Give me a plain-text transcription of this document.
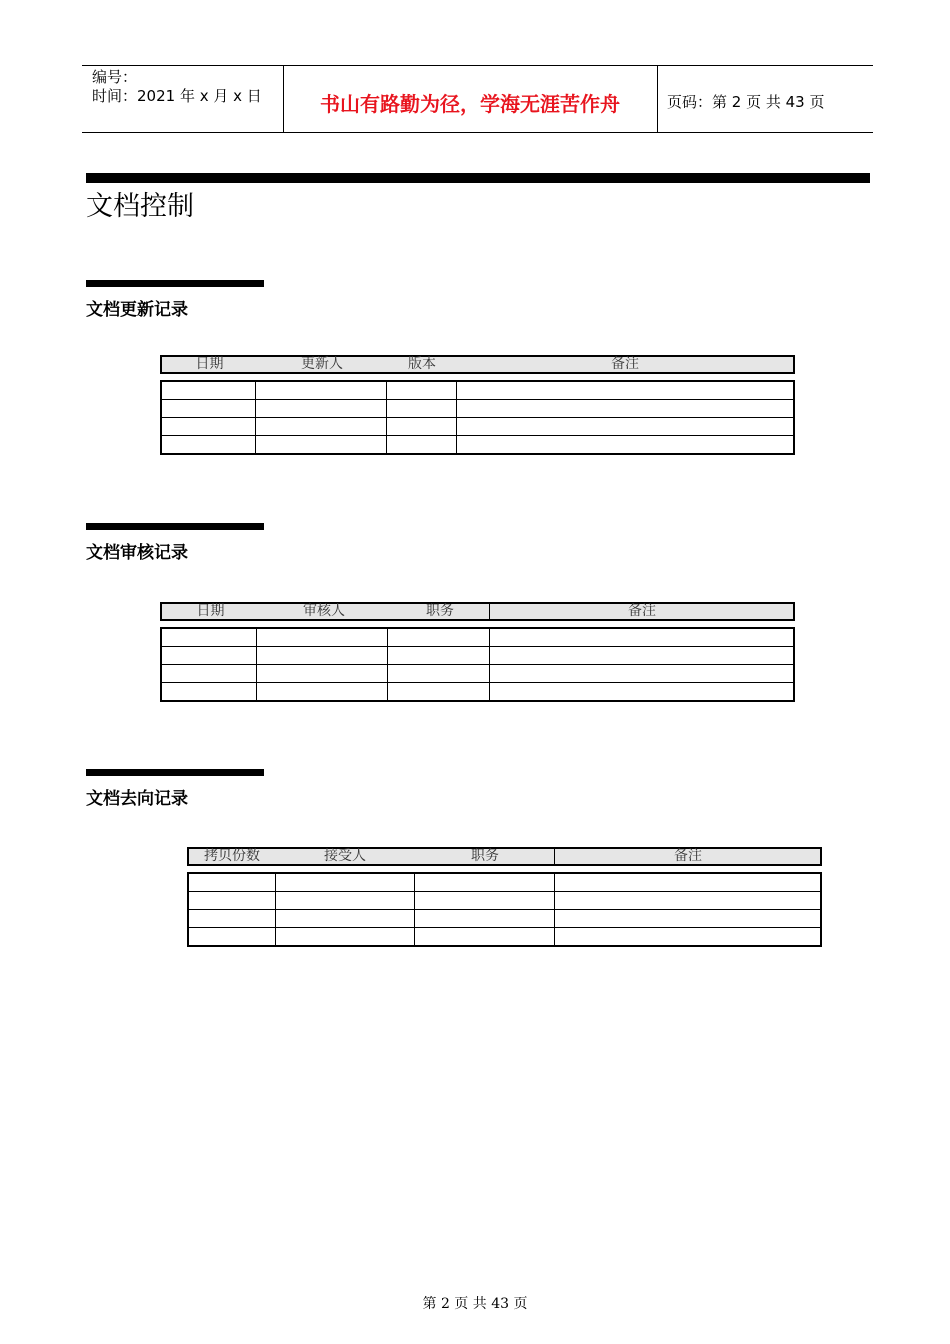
编号：
时间：2021 年 x 月 x 日	书山有路勤为径，学海无涯苦作舟	页码：第 2 页 共 43 页
文档控制
文档更新记录
日期	更新人	版本	备注
文档审核记录
日期	审核人	职务	备注
文档去向记录
拷贝份数	接受人	职务	备注
第 2 页 共 43 页
